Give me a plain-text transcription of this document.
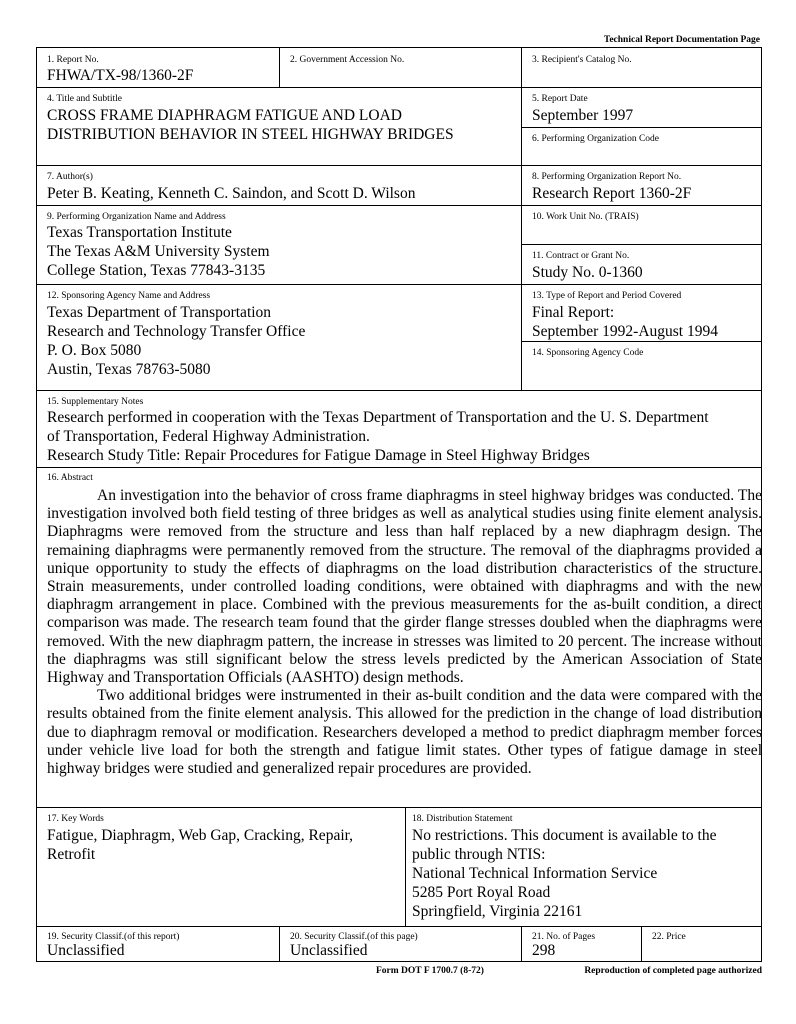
Technical Report Documentation Page
1. Report No.
FHWA/TX-98/1360-2F
2. Government Accession No.	3. Recipient's Catalog No.
4. Title and Subtitle
CROSS FRAME DIAPHRAGM FATIGUE AND LOAD
DISTRIBUTION BEHAVIOR IN STEEL HIGHWAY BRIDGES
5. Report Date
September 1997
6. Performing Organization Code
7. Author(s)
Peter B. Keating, Kenneth C. Saindon, and Scott D. Wilson
8. Performing Organization Report No.
Research Report 1360-2F
9. Performing Organization Name and Address
Texas Transportation Institute
The Texas A&M University System
College Station, Texas 77843-3135
10. Work Unit No. (TRAIS)
11. Contract or Grant No.
Study No. 0-1360
12. Sponsoring Agency Name and Address
Texas Department of Transportation
Research and Technology Transfer Office
P. O. Box 5080
Austin, Texas 78763-5080
13. Type of Report and Period Covered
Final Report:
September 1992-August 1994
14. Sponsoring Agency Code
15. Supplementary Notes
Research performed in cooperation with the Texas Department of Transportation and the U. S. Department
of Transportation, Federal Highway Administration.
Research Study Title: Repair Procedures for Fatigue Damage in Steel Highway Bridges
16. Abstract

An investigation into the behavior of cross frame diaphragms in steel highway bridges was conducted. The investigation involved both field testing of three bridges as well as analytical studies using finite element analysis. Diaphragms were removed from the structure and less than half replaced by a new diaphragm design. The remaining diaphragms were permanently removed from the structure. The removal of the diaphragms provided a unique opportunity to study the effects of diaphragms on the load distribution characteristics of the structure. Strain measurements, under controlled loading conditions, were obtained with diaphragms and with the new diaphragm arrangement in place. Combined with the previous measurements for the as-built condition, a direct comparison was made. The research team found that the girder flange stresses doubled when the diaphragms were removed. With the new diaphragm pattern, the increase in stresses was limited to 20 percent. The increase without the diaphragms was still significant below the stress levels predicted by the American Association of State Highway and Transportation Officials (AASHTO) design methods.

Two additional bridges were instrumented in their as-built condition and the data were compared with the results obtained from the finite element analysis. This allowed for the prediction in the change of load distribution due to diaphragm removal or modification. Researchers developed a method to predict diaphragm member forces under vehicle live load for both the strength and fatigue limit states. Other types of fatigue damage in steel highway bridges were studied and generalized repair procedures are provided.

17. Key Words
Fatigue, Diaphragm, Web Gap, Cracking, Repair,
Retrofit
18. Distribution Statement
No restrictions. This document is available to the
public through NTIS:
National Technical Information Service
5285 Port Royal Road
Springfield, Virginia 22161
19. Security Classif.(of this report)
Unclassified
20. Security Classif.(of this page)
Unclassified
21. No. of Pages
298
22. Price
Form DOT F 1700.7 (8-72)	Reproduction of completed page authorized
